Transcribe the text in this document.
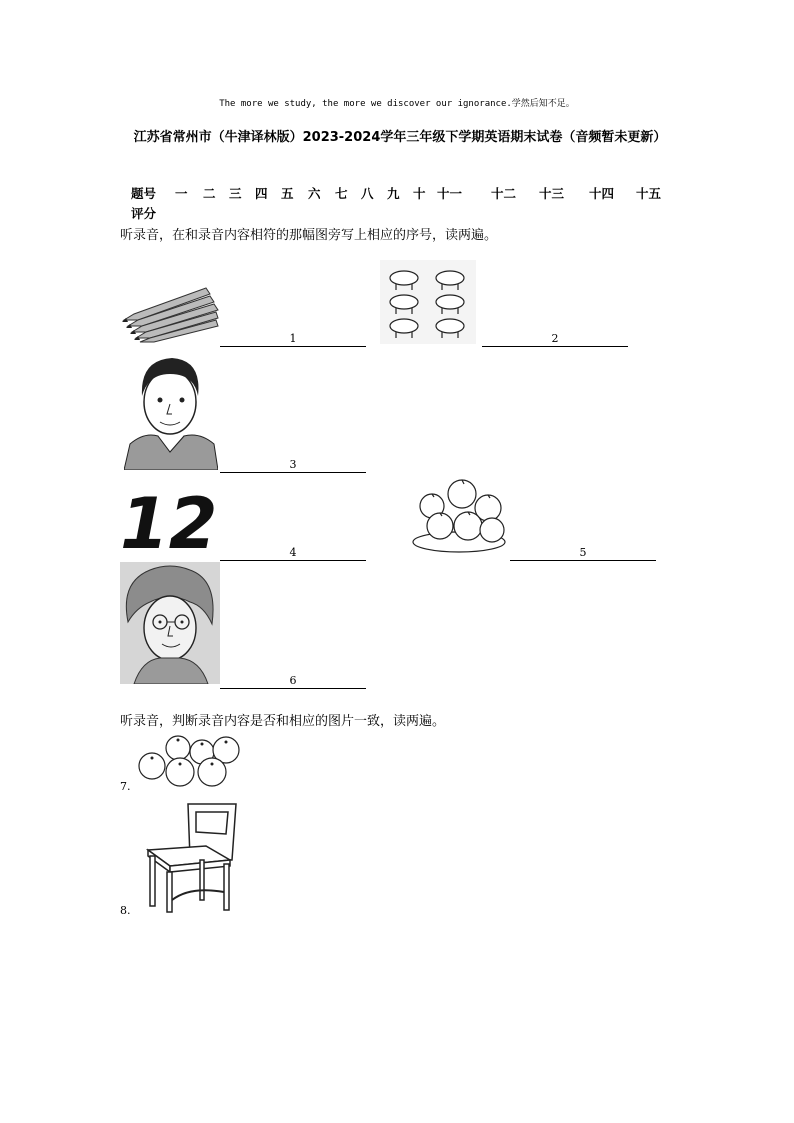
The more we study, the more we discover our ignorance.学然后知不足。
江苏省常州市（牛津译林版）2023-2024学年三年级下学期英语期末试卷（音频暂未更新）
题号 一 二 三 四 五 六 七 八 九 十 十一 十二 十三 十四 十五
评分
听录音，在和录音内容相符的那幅图旁写上相应的序号，读两遍。
1	2
3
12	4	5
6
听录音，判断录音内容是否和相应的图片一致，读两遍。
7.
8.
